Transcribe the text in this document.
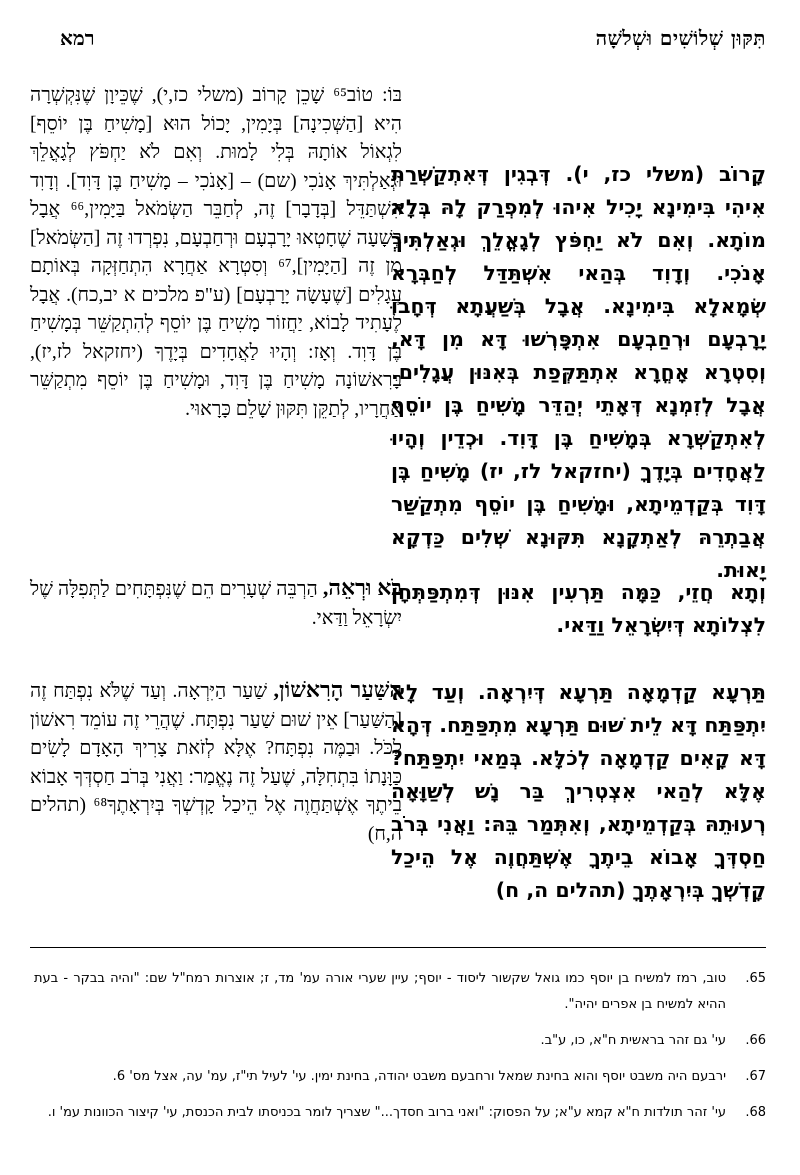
תִּקּוּן שְׁלוֹשִׁים וּשְׁלשָׁה
רמא

קָרוֹב (משלי כז, י). דְּבְגִין דְּאִתְקַשְּׁרַת אִיהִי בִּימִינָא יָכִיל אִיהוּ לְמִפְרַק לָהּ בְּלָא מוֹתָא. וְאִם לֹא יַחְפֹּץ לְגָאֳלֵךְ וּגְאַלְתִּיךְ אָנֹכִי. וְדָוִד בְּהַאי אִשְׁתַּדַּל לְחַבְּרָא שְׂמָאלָא בִּימִינָא. אֲבָל בְּשַׁעֲתָא דְּחָבוּ יָרָבְעָם וּרְחַבְעָם אִתְפָּרְשׁוּ דָּא מִן דָּא, וְסִטְרָא אָחֳרָא אִתְתַּקְּפַת בְּאִנּוּן עֲגָלִים. אֲבָל לְזִמְנָא דְּאָתֵי יְהַדֵּר מָשִׁיחַ בֶּן יוֹסֵף לְאִתְקַשְּׁרָא בְּמָשִׁיחַ בֶּן דָּוִד. וּכְדֵין וְהָיוּ לַאֲחָדִים בְּיָדֶךָ (יחזקאל לז, יז) מָשִׁיחַ בֶּן דָּוִד בְּקַדְמֵיתָא, וּמָשִׁיחַ בֶּן יוֹסֵף מִתְקַשַּׁר אֲבַתְרֵהּ לְאַתְקָנָא תִּקּוּנָא שְׁלִים כַּדְקָא יָאוּת.

וְתָא חֲזֵי, כַּמָּה תַּרְעִין אִנּוּן דְּמִתְפַּתְּחָן לִצְלוֹתָא דְּיִשְׂרָאֵל וַדַּאי.

תַּרְעָא קַדְמָאָה תַּרְעָא דְּיִרְאָה. וְעַד לָא יִתְפַּתַּח דָּא לֵית שׁוּם תַּרְעָא מִתְפַּתַּח. דְּהָא דָּא קָאִים קַדְמָאָה לְכֹלָּא. בְּמַאי יִתְפַּתַּח? אֶלָּא לְהַאי אִצְטְרִיךְ בַּר נָשׁ לְשַׁוָּאָה רְעוּתֵהּ בְּקַדְמֵיתָא, וְאִתְּמַר בֵּהּ: וַאֲנִי בְּרֹב חַסְדְּךָ אָבוֹא בֵיתֶךָ אֶשְׁתַּחֲוֶה אֶל הֵיכַל קָדְשְׁךָ בְּיִרְאָתֶךָ (תהלים ה, ח)

בּוֹ: טוֹב⁶⁵ שָׁכֵן קָרוֹב (משלי כז,י), שֶׁכֵּיוָן שֶׁנִּקְשְׁרָה הִיא [הַשְּׁכִינָה] בְּיָמִין, יָכוֹל הוּא [מָשִׁיחַ בֶּן יוֹסֵף] לִגְאוֹל אוֹתָהּ בְּלִי לָמוּת. וְאִם לֹא יַחְפֹּץ לְגָאֳלֵךְ וּגְאַלְתִּיךְ אָנֹכִי (שם) – [אָנֹכִי – מָשִׁיחַ בֶּן דָּוִד]. וְדָוִד הִשְׁתַּדֵּל [בְּדָבָר] זֶה, לְחַבֵּר הַשְּׂמֹאל בַּיָּמִין,⁶⁶ אֲבָל בְּשָׁעָה שֶׁחָטְאוּ יָרָבְעָם וּרְחַבְעָם, נִפְרְדוּ זֶה [הַשְּׂמֹאל] מִן זֶה [הַיָּמִין],⁶⁷ וְסִטְרָא אַחֲרָא הִתְחַזְּקָה בְּאוֹתָם עֲגָלִים [שֶׁעָשָׂה יָרָבְעָם] (ע"פ מלכים א יב,כח). אֲבָל לֶעָתִיד לָבוֹא, יַחֲזוֹר מָשִׁיחַ בֶּן יוֹסֵף לְהִתְקַשֵּׁר בְּמָשִׁיחַ בֶּן דָּוִד. וְאָז: וְהָיוּ לַאֲחָדִים בְּיָדֶךָ (יחזקאל לז,יז), בָּרִאשׁוֹנָה מָשִׁיחַ בֶּן דָּוִד, וּמָשִׁיחַ בֶּן יוֹסֵף מִתְקַשֵּׁר אַחֲרָיו, לְתַקֵּן תִּקּוּן שָׁלֵם כָּרָאוּי.

בֹּא וּרְאֵה, הַרְבֵּה שְׁעָרִים הֵם שֶׁנִּפְתָּחִים לַתְּפִלָּה שֶׁל יִשְׂרָאֵל וַדַּאי.

הַשַּׁעַר הָרִאשׁוֹן, שַׁעַר הַיִּרְאָה. וְעַד שֶׁלֹּא נִפְתַּח זֶה [הַשַּׁעַר] אֵין שׁוּם שַׁעַר נִפְתָּח. שֶׁהֲרֵי זֶה עוֹמֵד רִאשׁוֹן לַכֹּל. וּבַמֶּה נִפְתָּח? אֶלָּא לְזֹאת צָרִיךְ הָאָדָם לָשִׂים כַּוָּנָתוֹ בִּתְחִלָּה, שֶׁעַל זֶה נֶאֱמַר: וַאֲנִי בְּרֹב חַסְדְּךָ אָבוֹא בֵיתֶךָ אֶשְׁתַּחֲוֶה אֶל הֵיכַל קָדְשְׁךָ בְּיִרְאָתֶךָ⁶⁸ (תהלים ה,ח)

.65
טוב, רמז למשיח בן יוסף כמו גואל שקשור ליסוד - יוסף; עיין שערי אורה עמ' מד, ז; אוצרות רמח"ל שם: "והיה בבקר - בעת ההיא למשיח בן אפרים יהיה".
.66
עי' גם זהר בראשית ח"א, כו, ע"ב.
.67
ירבעם היה משבט יוסף והוא בחינת שמאל ורחבעם משבט יהודה, בחינת ימין. עי' לעיל תי"ז, עמ' עה, אצל מס' 6.
.68
עי' זהר תולדות ח"א קמא ע"א; על הפסוק: "ואני ברוב חסדך..." שצריך לומר בכניסתו לבית הכנסת, עי' קיצור הכוונות עמ' ו.
